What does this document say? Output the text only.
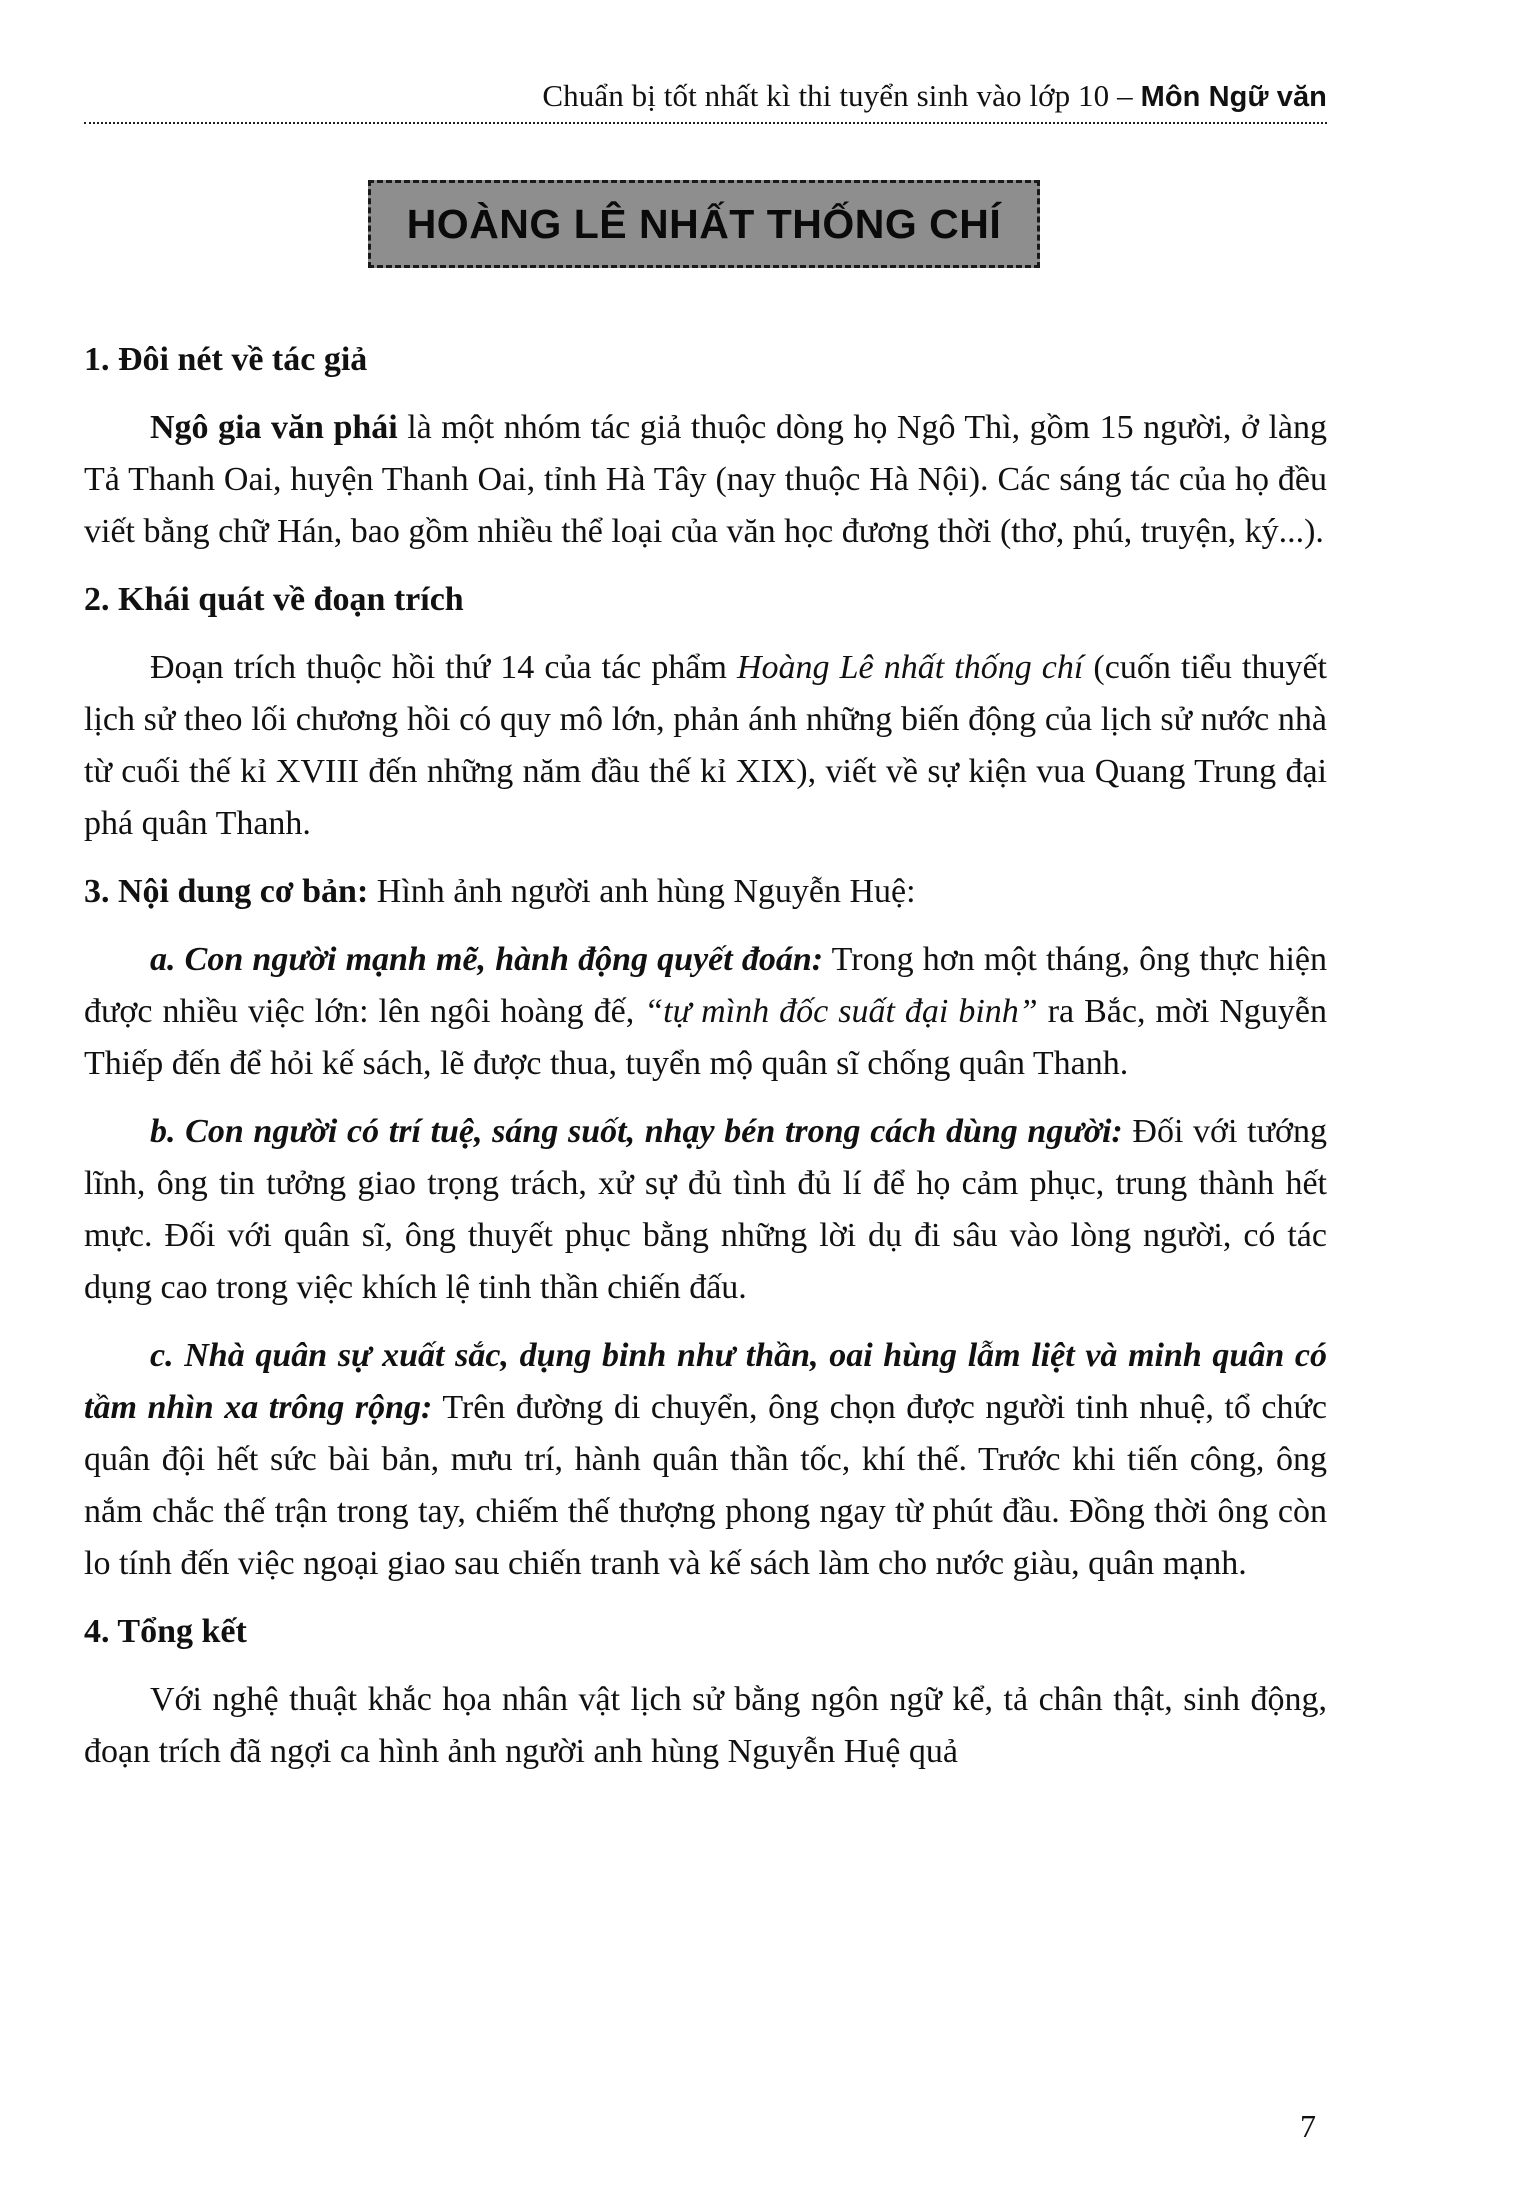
Chuẩn bị tốt nhất kì thi tuyển sinh vào lớp 10 – Môn Ngữ văn
HOÀNG LÊ NHẤT THỐNG CHÍ
1. Đôi nét về tác giả

Ngô gia văn phái là một nhóm tác giả thuộc dòng họ Ngô Thì, gồm 15 người, ở làng Tả Thanh Oai, huyện Thanh Oai, tỉnh Hà Tây (nay thuộc Hà Nội). Các sáng tác của họ đều viết bằng chữ Hán, bao gồm nhiều thể loại của văn học đương thời (thơ, phú, truyện, ký...).

2. Khái quát về đoạn trích

Đoạn trích thuộc hồi thứ 14 của tác phẩm Hoàng Lê nhất thống chí (cuốn tiểu thuyết lịch sử theo lối chương hồi có quy mô lớn, phản ánh những biến động của lịch sử nước nhà từ cuối thế kỉ XVIII đến những năm đầu thế kỉ XIX), viết về sự kiện vua Quang Trung đại phá quân Thanh.

3. Nội dung cơ bản: Hình ảnh người anh hùng Nguyễn Huệ:

a. Con người mạnh mẽ, hành động quyết đoán: Trong hơn một tháng, ông thực hiện được nhiều việc lớn: lên ngôi hoàng đế, “tự mình đốc suất đại binh” ra Bắc, mời Nguyễn Thiếp đến để hỏi kế sách, lẽ được thua, tuyển mộ quân sĩ chống quân Thanh.

b. Con người có trí tuệ, sáng suốt, nhạy bén trong cách dùng người: Đối với tướng lĩnh, ông tin tưởng giao trọng trách, xử sự đủ tình đủ lí để họ cảm phục, trung thành hết mực. Đối với quân sĩ, ông thuyết phục bằng những lời dụ đi sâu vào lòng người, có tác dụng cao trong việc khích lệ tinh thần chiến đấu.

c. Nhà quân sự xuất sắc, dụng binh như thần, oai hùng lẫm liệt và minh quân có tầm nhìn xa trông rộng: Trên đường di chuyển, ông chọn được người tinh nhuệ, tổ chức quân đội hết sức bài bản, mưu trí, hành quân thần tốc, khí thế. Trước khi tiến công, ông nắm chắc thế trận trong tay, chiếm thế thượng phong ngay từ phút đầu. Đồng thời ông còn lo tính đến việc ngoại giao sau chiến tranh và kế sách làm cho nước giàu, quân mạnh.

4. Tổng kết

Với nghệ thuật khắc họa nhân vật lịch sử bằng ngôn ngữ kể, tả chân thật, sinh động, đoạn trích đã ngợi ca hình ảnh người anh hùng Nguyễn Huệ quả

7
